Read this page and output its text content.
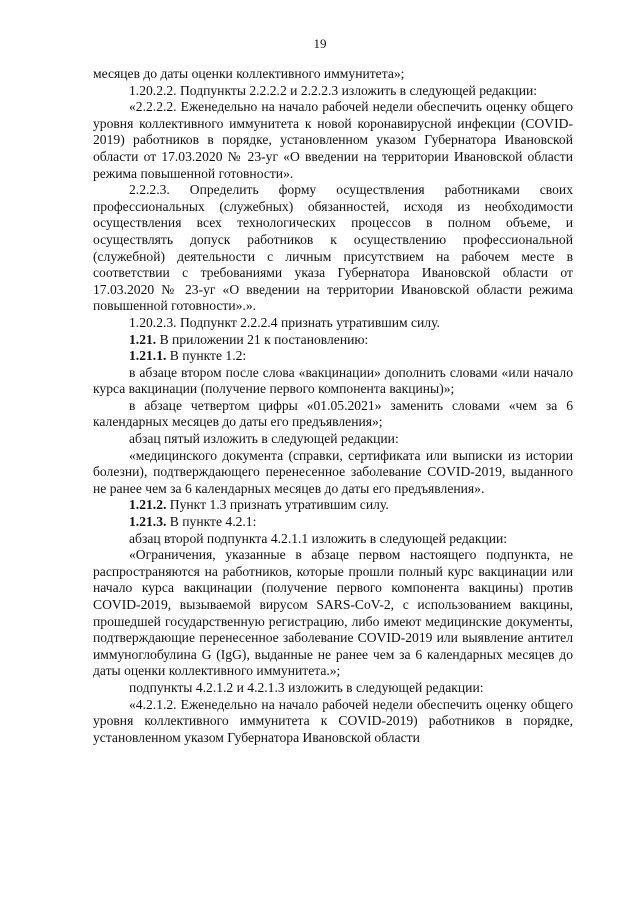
19

месяцев до даты оценки коллективного иммунитета»;

1.20.2.2. Подпункты 2.2.2.2 и 2.2.2.3 изложить в следующей редакции:

«2.2.2.2. Еженедельно на начало рабочей недели обеспечить оценку общего уровня коллективного иммунитета к новой коронавирусной инфекции (COVID-2019) работников в порядке, установленном указом Губернатора Ивановской области от 17.03.2020 № 23-уг «О введении на территории Ивановской области режима повышенной готовности».

2.2.2.3. Определить форму осуществления работниками своих профессиональных (служебных) обязанностей, исходя из необходимости осуществления всех технологических процессов в полном объеме, и осуществлять допуск работников к осуществлению профессиональной (служебной) деятельности с личным присутствием на рабочем месте в соответствии с требованиями указа Губернатора Ивановской области от 17.03.2020 № 23-уг «О введении на территории Ивановской области режима повышенной готовности».».

1.20.2.3. Подпункт 2.2.2.4 признать утратившим силу.

1.21. В приложении 21 к постановлению:

1.21.1. В пункте 1.2:

в абзаце втором после слова «вакцинации» дополнить словами «или начало курса вакцинации (получение первого компонента вакцины)»;

в абзаце четвертом цифры «01.05.2021» заменить словами «чем за 6 календарных месяцев до даты его предъявления»;

абзац пятый изложить в следующей редакции:

«медицинского документа (справки, сертификата или выписки из истории болезни), подтверждающего перенесенное заболевание COVID-2019, выданного не ранее чем за 6 календарных месяцев до даты его предъявления».

1.21.2. Пункт 1.3 признать утратившим силу.

1.21.3. В пункте 4.2.1:

абзац второй подпункта 4.2.1.1 изложить в следующей редакции:

«Ограничения, указанные в абзаце первом настоящего подпункта, не распространяются на работников, которые прошли полный курс вакцинации или начало курса вакцинации (получение первого компонента вакцины) против COVID-2019, вызываемой вирусом SARS-CoV-2, с использованием вакцины, прошедшей государственную регистрацию, либо имеют медицинские документы, подтверждающие перенесенное заболевание COVID-2019 или выявление антител иммуноглобулина G (IgG), выданные не ранее чем за 6 календарных месяцев до даты оценки коллективного иммунитета.»;

подпункты 4.2.1.2 и 4.2.1.3 изложить в следующей редакции:

«4.2.1.2. Еженедельно на начало рабочей недели обеспечить оценку общего уровня коллективного иммунитета к COVID-2019) работников в порядке, установленном указом Губернатора Ивановской области
